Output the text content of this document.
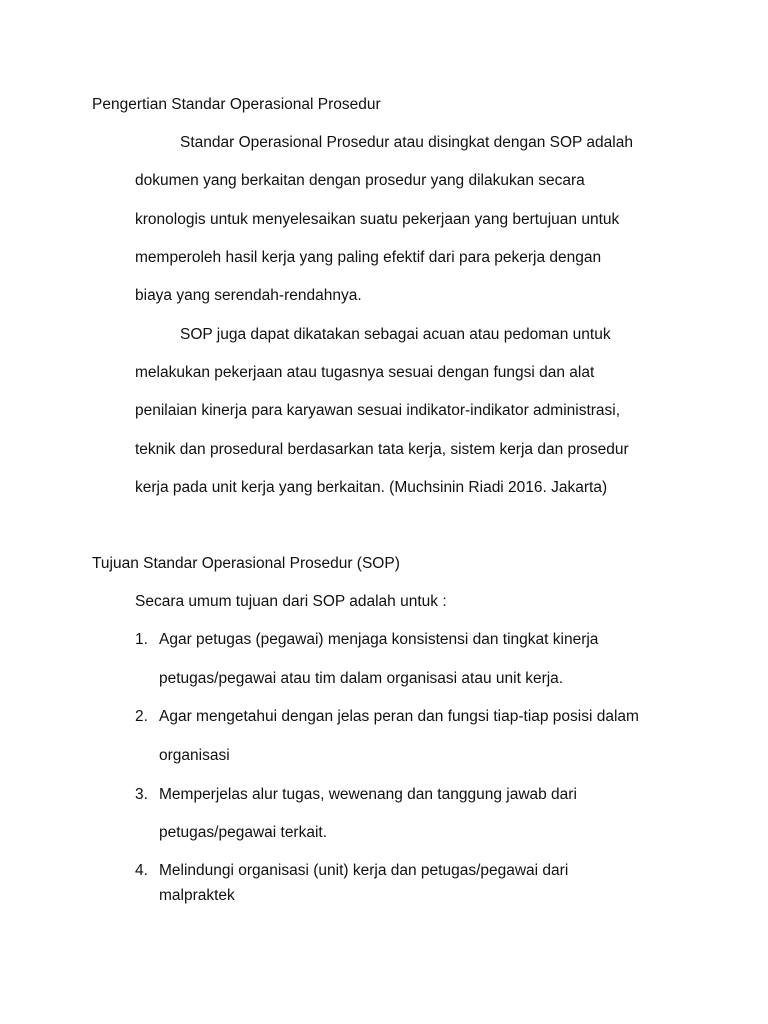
Pengertian Standar Operasional Prosedur
Standar Operasional Prosedur atau disingkat dengan SOP adalah
dokumen yang berkaitan dengan prosedur yang dilakukan secara
kronologis untuk menyelesaikan suatu pekerjaan yang bertujuan untuk
memperoleh hasil kerja yang paling efektif dari para pekerja dengan
biaya yang serendah-rendahnya.
SOP juga dapat dikatakan sebagai acuan atau pedoman untuk
melakukan pekerjaan atau tugasnya sesuai dengan fungsi dan alat
penilaian kinerja para karyawan sesuai indikator-indikator administrasi,
teknik dan prosedural berdasarkan tata kerja, sistem kerja dan prosedur
kerja pada unit kerja yang berkaitan. (Muchsinin Riadi 2016. Jakarta)
Tujuan Standar Operasional Prosedur (SOP)
Secara umum tujuan dari SOP adalah untuk :
1. Agar petugas (pegawai) menjaga konsistensi dan tingkat kinerja
petugas/pegawai atau tim dalam organisasi atau unit kerja.
2. Agar mengetahui dengan jelas peran dan fungsi tiap-tiap posisi dalam
organisasi
3. Memperjelas alur tugas, wewenang dan tanggung jawab dari
petugas/pegawai terkait.
4. Melindungi organisasi (unit) kerja dan petugas/pegawai dari
malpraktek
